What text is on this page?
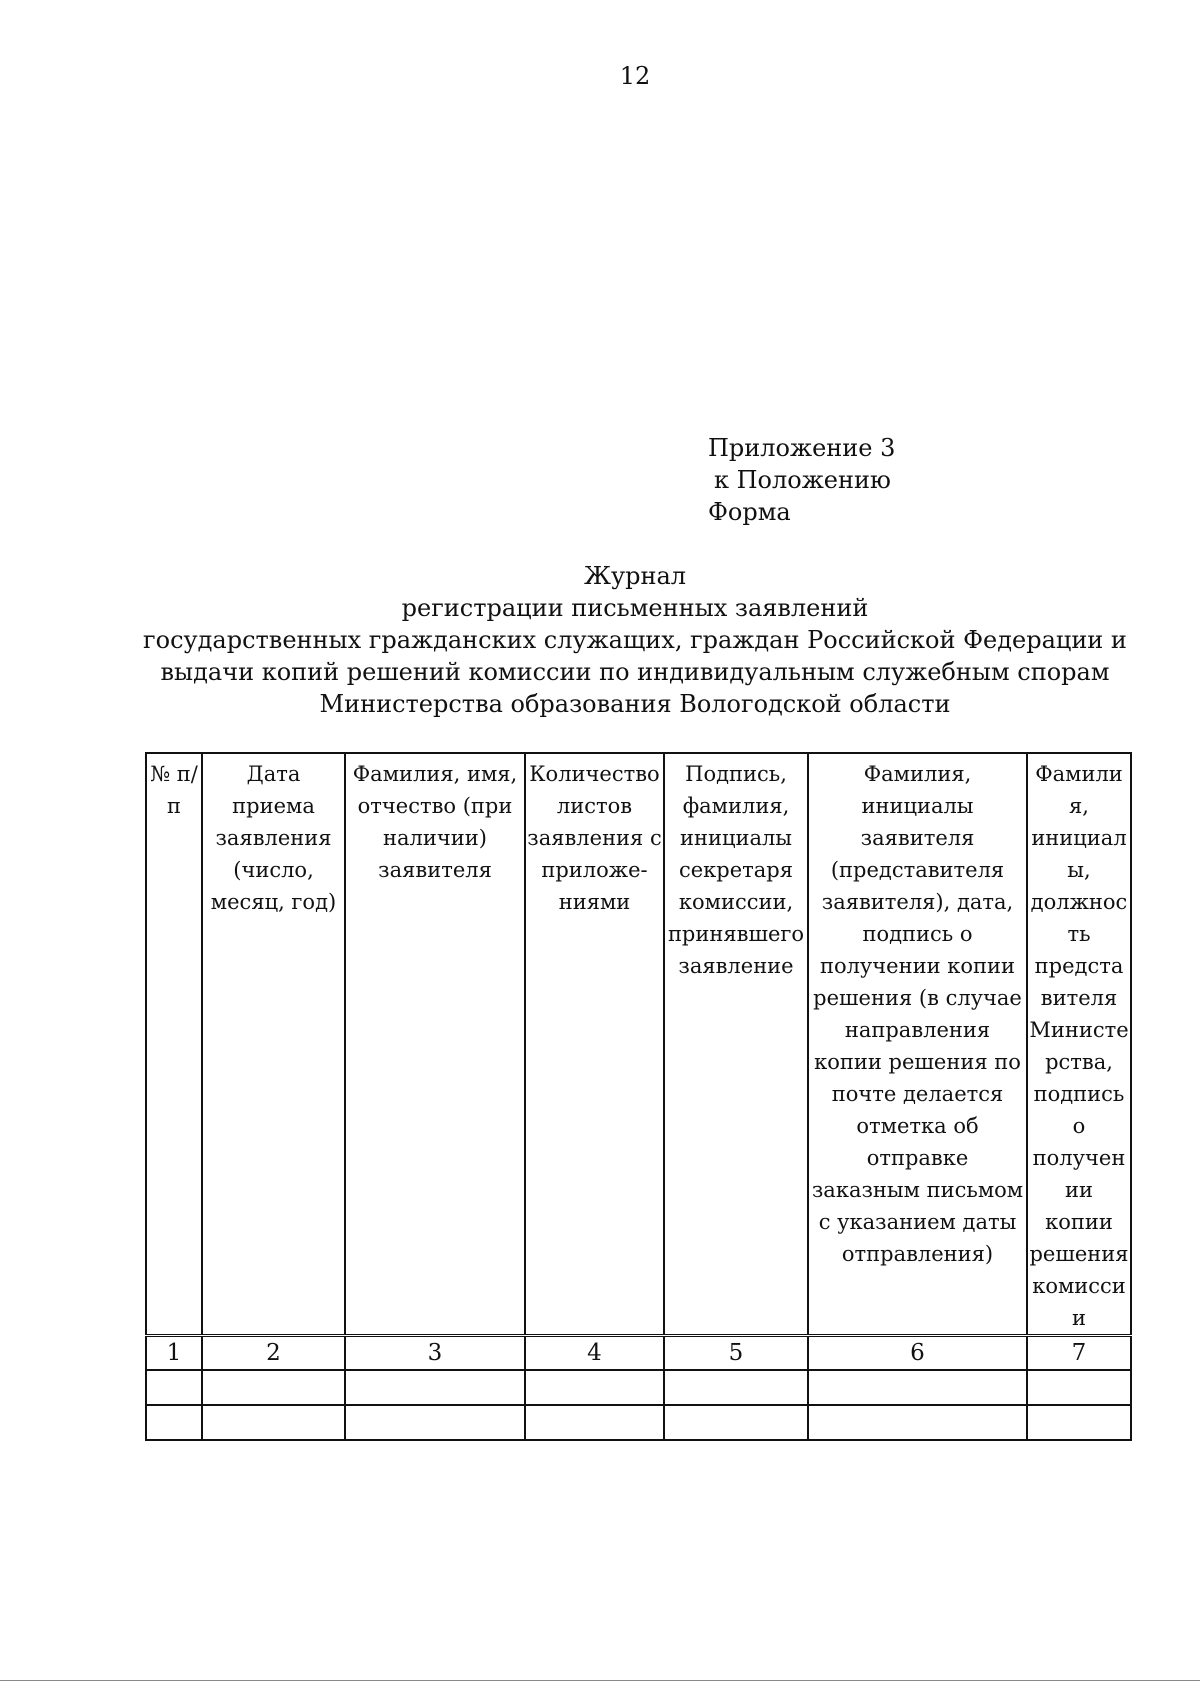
12
Приложение 3
к Положению
Форма
Журнал
регистрации письменных заявлений
государственных гражданских служащих, граждан Российской Федерации и
выдачи копий решений комиссии по индивидуальным служебным спорам
Министерства образования Вологодской области
№ п/п	Дата приема заявления (число, месяц, год)	Фамилия, имя, отчество (при наличии) заявителя	Количество листов заявления с приложе-ниями	Подпись, фамилия, инициалы секретаря комиссии, принявшего заявление	Фамилия, инициалы заявителя (представителя заявителя), дата, подпись о получении копии решения (в случае направления копии решения по почте делается отметка об отправке заказным письмом с указанием даты отправления)	Фамилия, инициалы, должность представителя Министерства, подпись о получении копии решения комиссии
1	2	3	4	5	6	7
